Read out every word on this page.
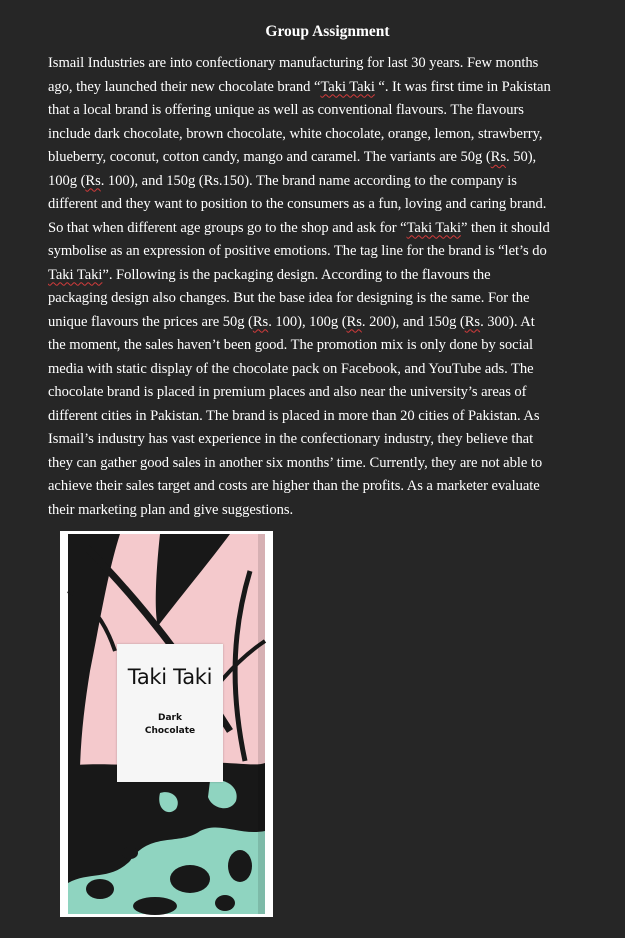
Group Assignment
Ismail Industries are into confectionary manufacturing for last 30 years. Few months
ago, they launched their new chocolate brand “Taki Taki “. It was first time in Pakistan
that a local brand is offering unique as well as conventional flavours. The flavours
include dark chocolate, brown chocolate, white chocolate, orange, lemon, strawberry,
blueberry, coconut, cotton candy, mango and caramel. The variants are 50g (Rs. 50),
100g (Rs. 100), and 150g (Rs.150). The brand name according to the company is
different and they want to position to the consumers as a fun, loving and caring brand.
So that when different age groups go to the shop and ask for “Taki Taki” then it should
symbolise as an expression of positive emotions. The tag line for the brand is “let’s do
Taki Taki”. Following is the packaging design. According to the flavours the
packaging design also changes. But the base idea for designing is the same. For the
unique flavours the prices are 50g (Rs. 100), 100g (Rs. 200), and 150g (Rs. 300). At
the moment, the sales haven’t been good. The promotion mix is only done by social
media with static display of the chocolate pack on Facebook, and YouTube ads. The
chocolate brand is placed in premium places and also near the university’s areas of
different cities in Pakistan. The brand is placed in more than 20 cities of Pakistan. As
Ismail’s industry has vast experience in the confectionary industry, they believe that
they can gather good sales in another six months’ time. Currently, they are not able to
achieve their sales target and costs are higher than the profits. As a marketer evaluate
their marketing plan and give suggestions.
Taki Taki
Dark
Chocolate
